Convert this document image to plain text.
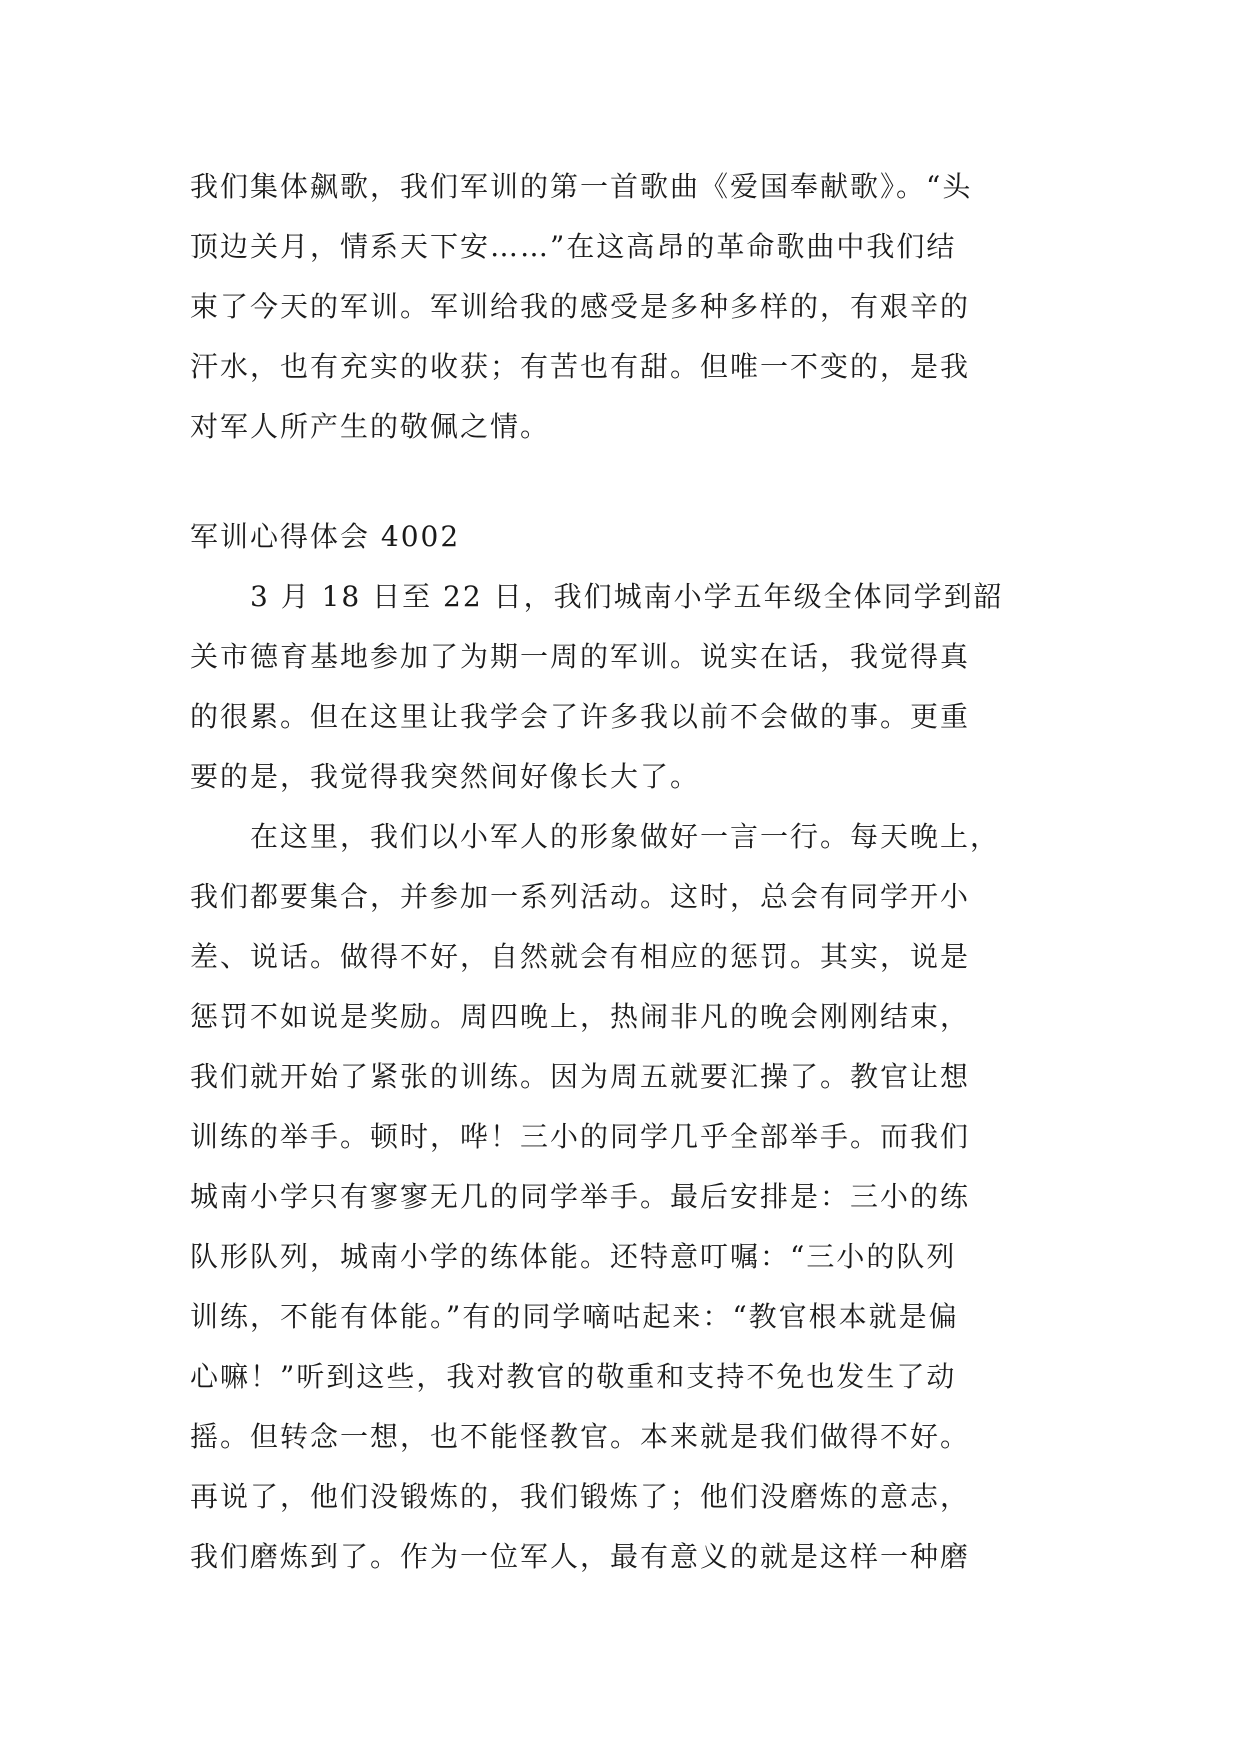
我们集体飙歌，我们军训的第一首歌曲《爱国奉献歌》。“头
顶边关月，情系天下安……”在这高昂的革命歌曲中我们结
束了今天的军训。军训给我的感受是多种多样的，有艰辛的
汗水，也有充实的收获；有苦也有甜。但唯一不变的，是我
对军人所产生的敬佩之情。
军训心得体会 4002
　　3 月 18 日至 22 日，我们城南小学五年级全体同学到韶
关市德育基地参加了为期一周的军训。说实在话，我觉得真
的很累。但在这里让我学会了许多我以前不会做的事。更重
要的是，我觉得我突然间好像长大了。
　　在这里，我们以小军人的形象做好一言一行。每天晚上，
我们都要集合，并参加一系列活动。这时，总会有同学开小
差、说话。做得不好，自然就会有相应的惩罚。其实，说是
惩罚不如说是奖励。周四晚上，热闹非凡的晚会刚刚结束，
我们就开始了紧张的训练。因为周五就要汇操了。教官让想
训练的举手。顿时，哗！三小的同学几乎全部举手。而我们
城南小学只有寥寥无几的同学举手。最后安排是：三小的练
队形队列，城南小学的练体能。还特意叮嘱：“三小的队列
训练，不能有体能。”有的同学嘀咕起来：“教官根本就是偏
心嘛！”听到这些，我对教官的敬重和支持不免也发生了动
摇。但转念一想，也不能怪教官。本来就是我们做得不好。
再说了，他们没锻炼的，我们锻炼了；他们没磨炼的意志，
我们磨炼到了。作为一位军人，最有意义的就是这样一种磨
